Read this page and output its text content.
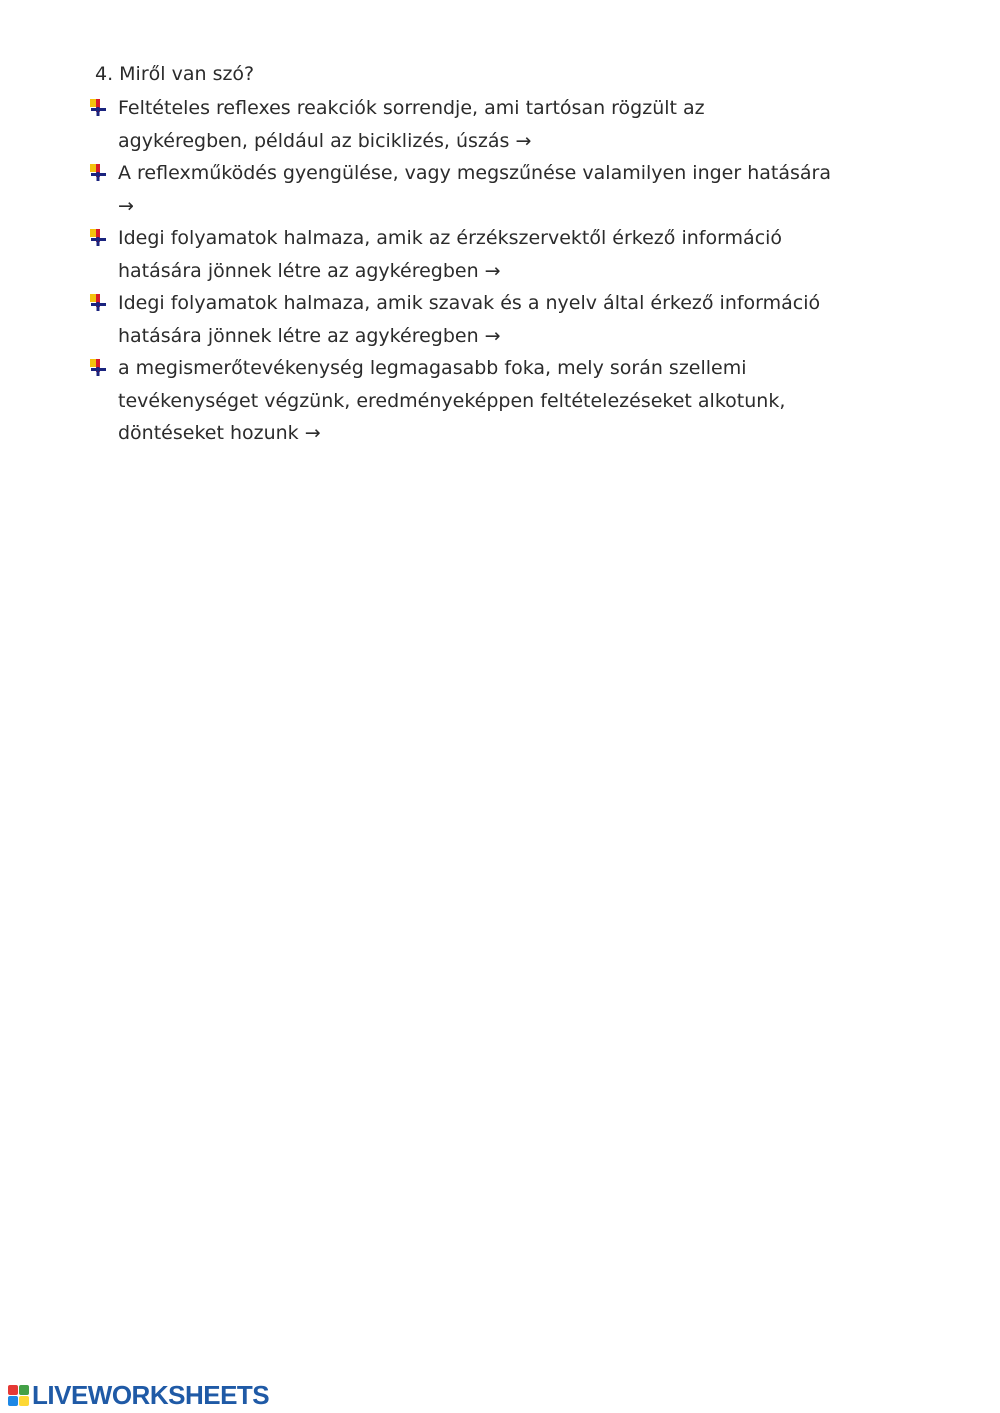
4. Miről van szó?
Feltételes reflexes reakciók sorrendje, ami tartósan rögzült az
agykéregben, például az biciklizés, úszás →
A reflexműködés gyengülése, vagy megszűnése valamilyen inger hatására →
Idegi folyamatok halmaza, amik az érzékszervektől érkező információ
hatására jönnek létre az agykéregben →
Idegi folyamatok halmaza, amik szavak és a nyelv által érkező információ
hatására jönnek létre az agykéregben →
a megismerőtevékenység legmagasabb foka, mely során szellemi
tevékenységet végzünk, eredményeképpen feltételezéseket alkotunk,
döntéseket hozunk →
LIVEWORKSHEETS
